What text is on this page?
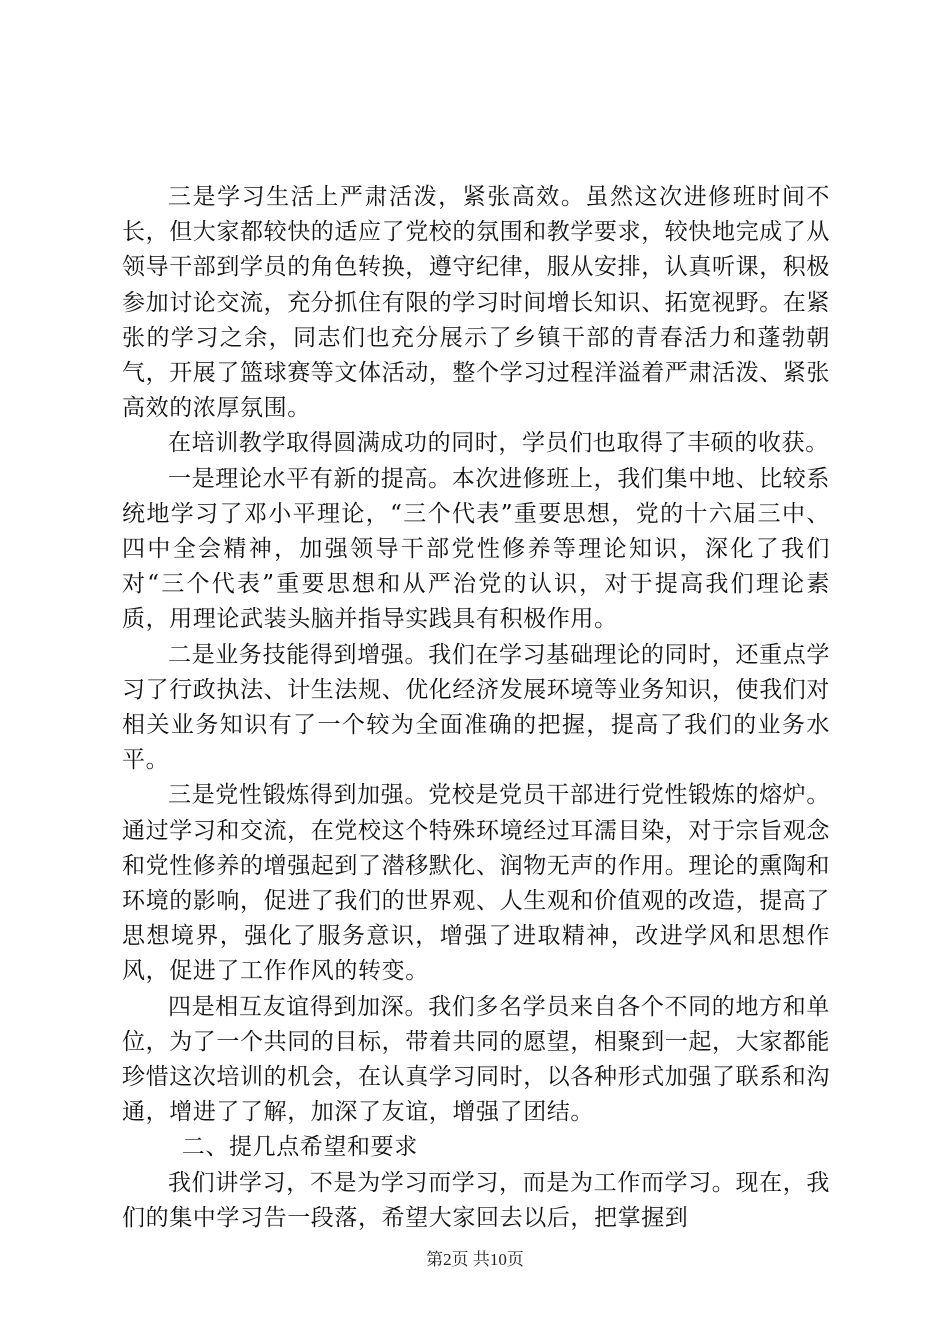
三是学习生活上严肃活泼，紧张高效。虽然这次进修班时间不长，但大家都较快的适应了党校的氛围和教学要求，较快地完成了从领导干部到学员的角色转换，遵守纪律，服从安排，认真听课，积极参加讨论交流，充分抓住有限的学习时间增长知识、拓宽视野。在紧张的学习之余，同志们也充分展示了乡镇干部的青春活力和蓬勃朝气，开展了篮球赛等文体活动，整个学习过程洋溢着严肃活泼、紧张高效的浓厚氛围。

在培训教学取得圆满成功的同时，学员们也取得了丰硕的收获。

一是理论水平有新的提高。本次进修班上，我们集中地、比较系统地学习了邓小平理论，“三个代表”重要思想，党的十六届三中、四中全会精神，加强领导干部党性修养等理论知识，深化了我们对“三个代表”重要思想和从严治党的认识，对于提高我们理论素质，用理论武装头脑并指导实践具有积极作用。

二是业务技能得到增强。我们在学习基础理论的同时，还重点学习了行政执法、计生法规、优化经济发展环境等业务知识，使我们对相关业务知识有了一个较为全面准确的把握，提高了我们的业务水平。

三是党性锻炼得到加强。党校是党员干部进行党性锻炼的熔炉。通过学习和交流，在党校这个特殊环境经过耳濡目染，对于宗旨观念和党性修养的增强起到了潜移默化、润物无声的作用。理论的熏陶和环境的影响，促进了我们的世界观、人生观和价值观的改造，提高了思想境界，强化了服务意识，增强了进取精神，改进学风和思想作风，促进了工作作风的转变。

四是相互友谊得到加深。我们多名学员来自各个不同的地方和单位，为了一个共同的目标，带着共同的愿望，相聚到一起，大家都能珍惜这次培训的机会，在认真学习同时，以各种形式加强了联系和沟通，增进了了解，加深了友谊，增强了团结。

二、提几点希望和要求

我们讲学习，不是为学习而学习，而是为工作而学习。现在，我们的集中学习告一段落，希望大家回去以后，把掌握到

第2页 共10页
